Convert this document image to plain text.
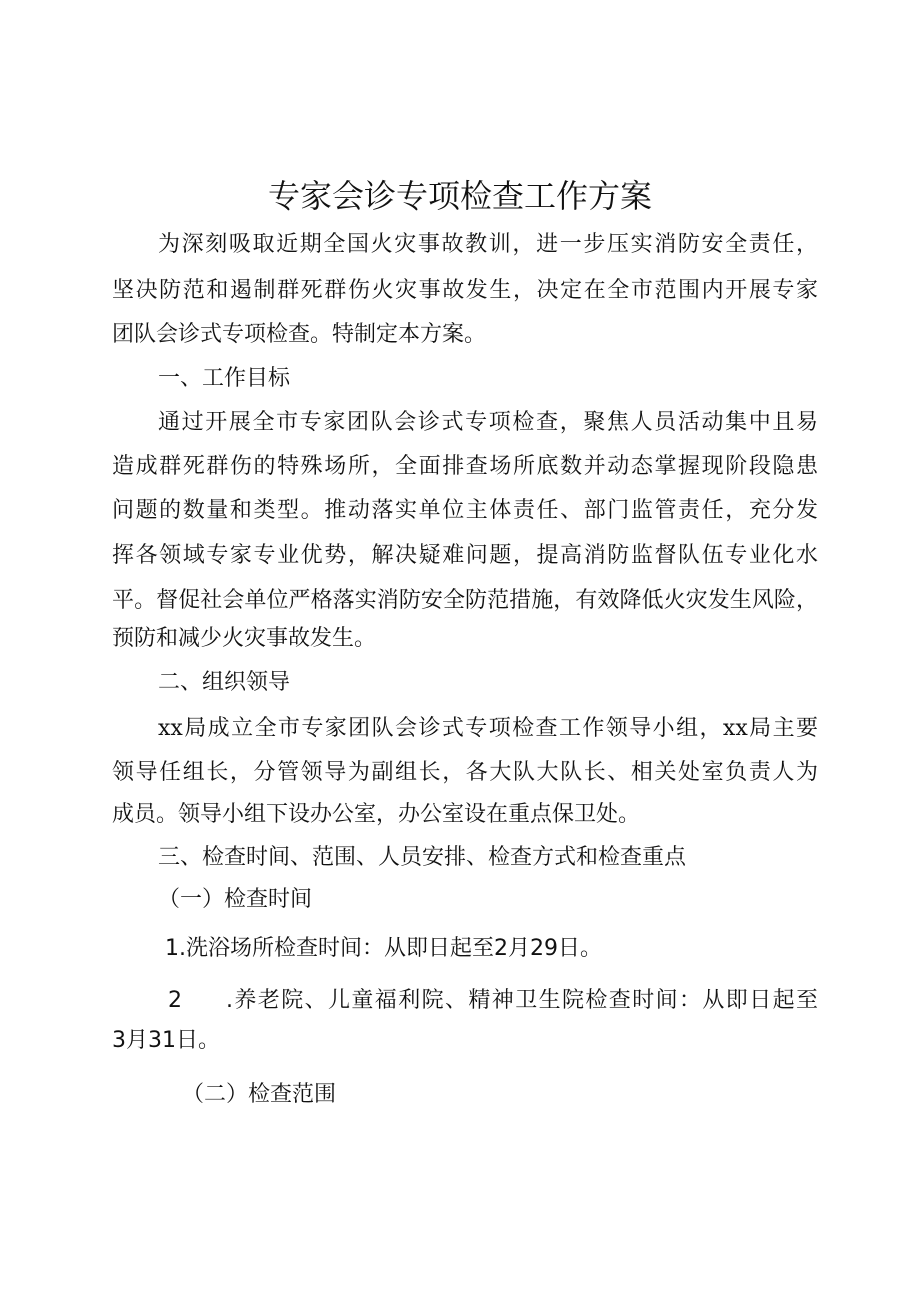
专家会诊专项检查工作方案
为深刻吸取近期全国火灾事故教训，进一步压实消防安全责任，
坚决防范和遏制群死群伤火灾事故发生，决定在全市范围内开展专家
团队会诊式专项检查。特制定本方案。
一、工作目标
通过开展全市专家团队会诊式专项检查，聚焦人员活动集中且易
造成群死群伤的特殊场所，全面排查场所底数并动态掌握现阶段隐患
问题的数量和类型。推动落实单位主体责任、部门监管责任，充分发
挥各领域专家专业优势，解决疑难问题，提高消防监督队伍专业化水
平。督促社会单位严格落实消防安全防范措施，有效降低火灾发生风险，
预防和减少火灾事故发生。
二、组织领导
xx局成立全市专家团队会诊式专项检查工作领导小组，xx局主要
领导任组长，分管领导为副组长，各大队大队长、相关处室负责人为
成员。领导小组下设办公室，办公室设在重点保卫处。
三、检查时间、范围、人员安排、检查方式和检查重点
（一）检查时间
1.洗浴场所检查时间：从即日起至2月29日。
2 .养老院、儿童福利院、精神卫生院检查时间：从即日起至
3月31日。
（二）检查范围
